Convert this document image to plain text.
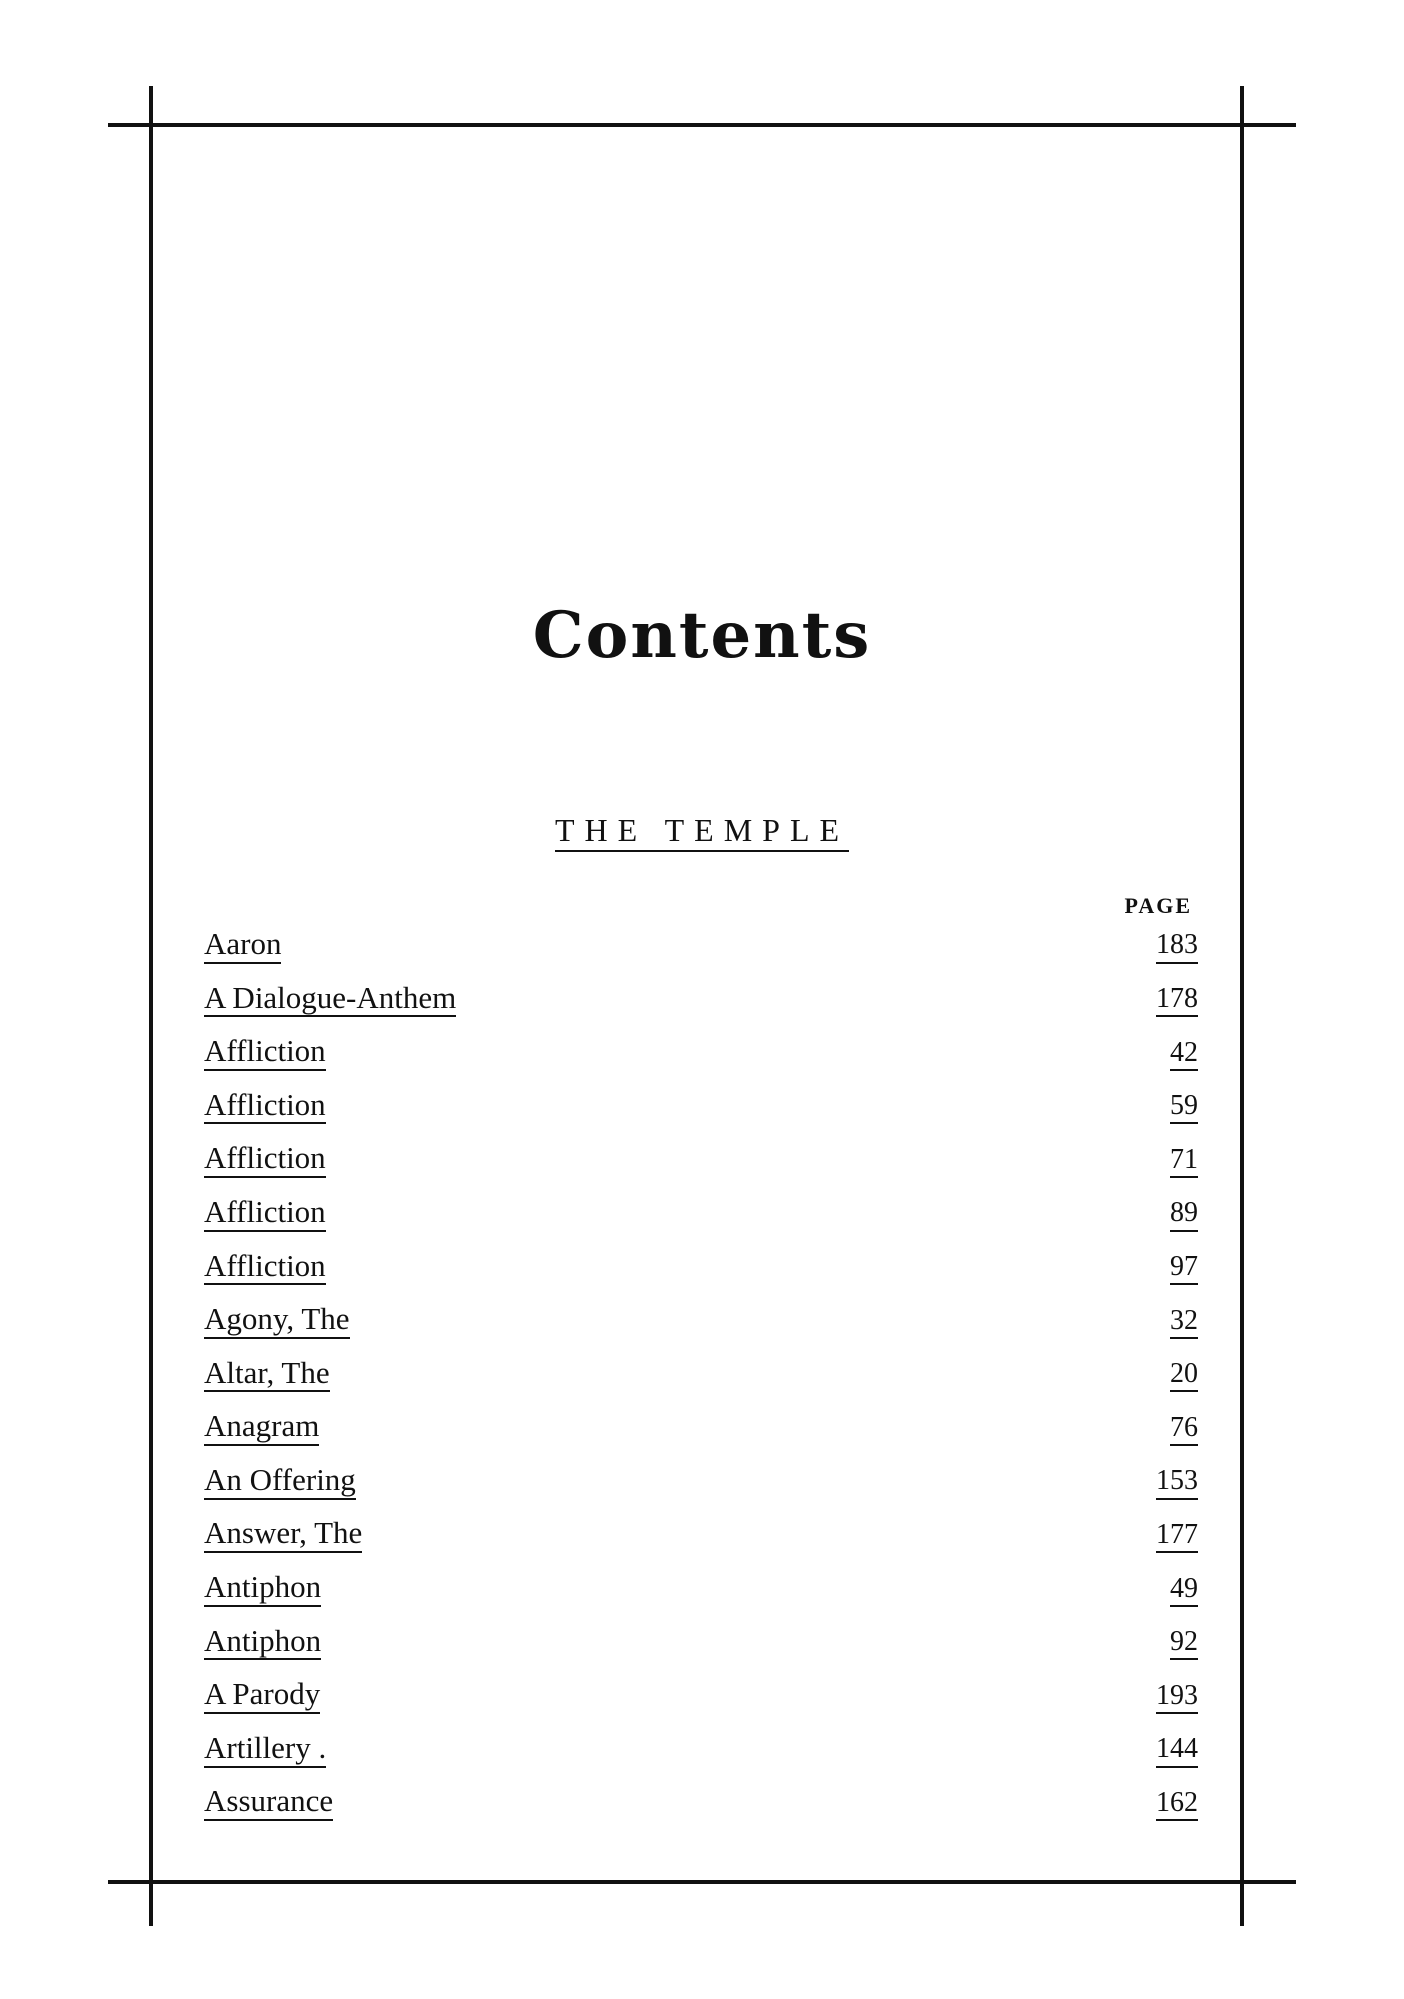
Contents
THE TEMPLE
PAGE
Aaron	183
A Dialogue-Anthem	178
Affliction	42
Affliction	59
Affliction	71
Affliction	89
Affliction	97
Agony, The	32
Altar, The	20
Anagram	76
An Offering	153
Answer, The	177
Antiphon	49
Antiphon	92
A Parody	193
Artillery .	144
Assurance	162
